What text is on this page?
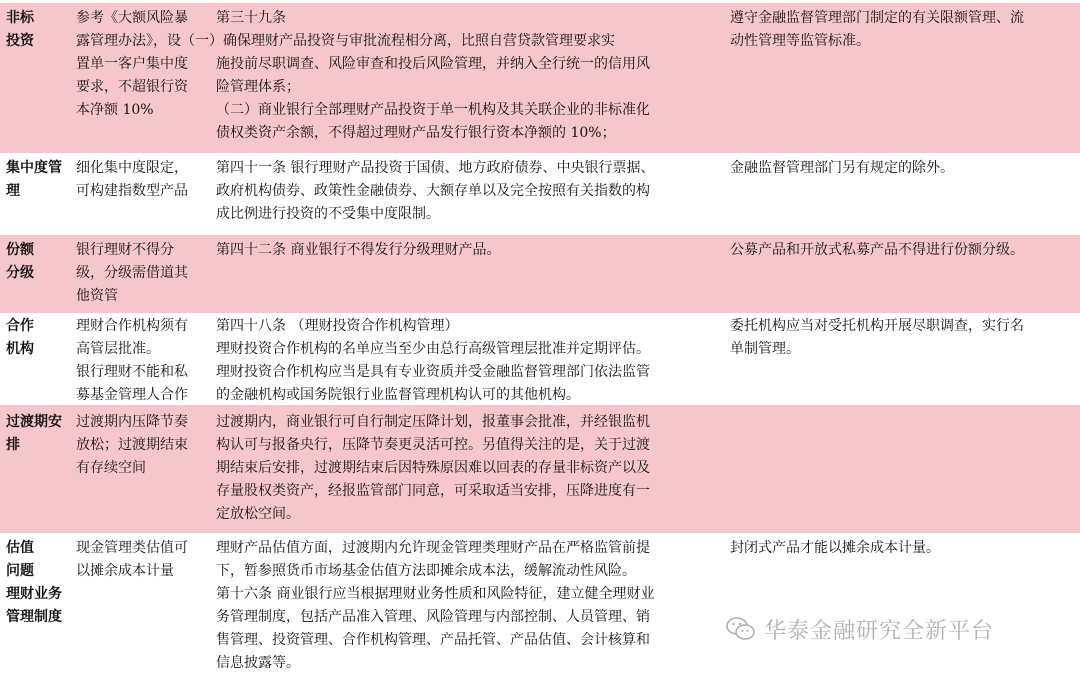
非标
投资
参考《大额风险暴
置单一客户集中度
要求，不超银行资
本净额 10%
第三十九条
露管理办法》，设（一）确保理财产品投资与审批流程相分离，比照自营贷款管理要求实
施投前尽职调查、风险审查和投后风险管理，并纳入全行统一的信用风
险管理体系；
（二）商业银行全部理财产品投资于单一机构及其关联企业的非标准化
债权类资产余额，不得超过理财产品发行银行资本净额的 10%；
遵守金融监督管理部门制定的有关限额管理、流
动性管理等监管标准。
集中度管
理
细化集中度限定，
可构建指数型产品
第四十一条 银行理财产品投资于国债、地方政府债券、中央银行票据、
政府机构债券、政策性金融债券、大额存单以及完全按照有关指数的构
成比例进行投资的不受集中度限制。
金融监督管理部门另有规定的除外。
份额
分级
银行理财不得分
级，分级需借道其
他资管
第四十二条 商业银行不得发行分级理财产品。	公募产品和开放式私募产品不得进行份额分级。
合作
机构
理财合作机构须有
高管层批准。
银行理财不能和私
募基金管理人合作
第四十八条 （理财投资合作机构管理）
理财投资合作机构的名单应当至少由总行高级管理层批准并定期评估。
理财投资合作机构应当是具有专业资质并受金融监督管理部门依法监管
的金融机构或国务院银行业监督管理机构认可的其他机构。
委托机构应当对受托机构开展尽职调查，实行名
单制管理。
过渡期安
排
过渡期内压降节奏
放松；过渡期结束
有存续空间
过渡期内，商业银行可自行制定压降计划，报董事会批准，并经银监机
构认可与报备央行，压降节奏更灵活可控。另值得关注的是，关于过渡
期结束后安排，过渡期结束后因特殊原因难以回表的存量非标资产以及
存量股权类资产，经报监管部门同意，可采取适当安排，压降进度有一
定放松空间。
估值
问题
理财业务
管理制度
现金管理类估值可
以摊余成本计量
理财产品估值方面，过渡期内允许现金管理类理财产品在严格监管前提
下，暂参照货币市场基金估值方法即摊余成本法，缓解流动性风险。
第十六条 商业银行应当根据理财业务性质和风险特征，建立健全理财业
务管理制度，包括产品准入管理、风险管理与内部控制、人员管理、销
售管理、投资管理、合作机构管理、产品托管、产品估值、会计核算和
信息披露等。
封闭式产品才能以摊余成本计量。
华泰金融研究全新平台
